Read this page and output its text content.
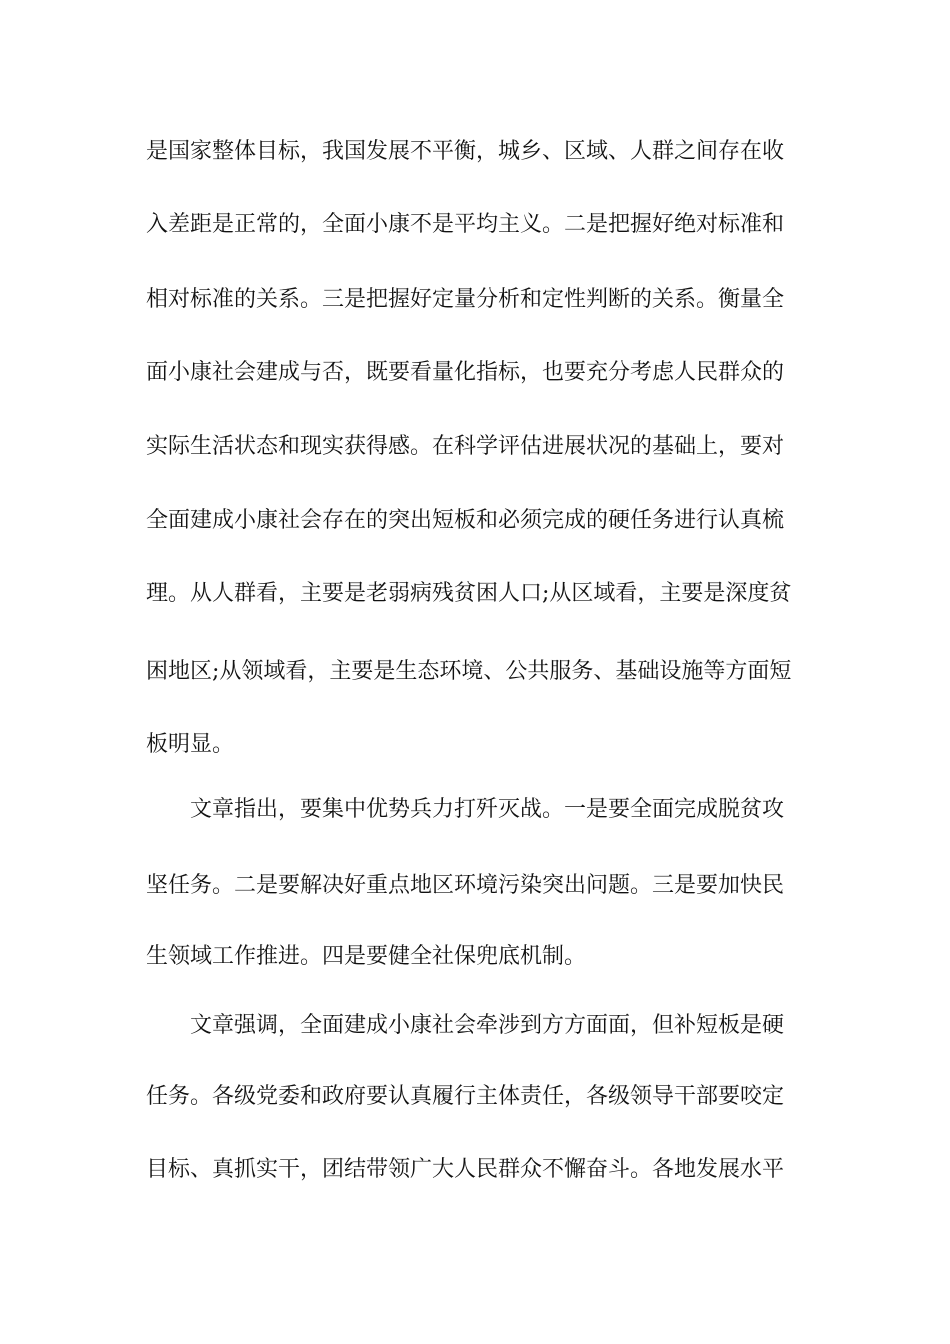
是国家整体目标，我国发展不平衡，城乡、区域、人群之间存在收
入差距是正常的，全面小康不是平均主义。二是把握好绝对标准和
相对标准的关系。三是把握好定量分析和定性判断的关系。衡量全
面小康社会建成与否，既要看量化指标，也要充分考虑人民群众的
实际生活状态和现实获得感。在科学评估进展状况的基础上，要对
全面建成小康社会存在的突出短板和必须完成的硬任务进行认真梳
理。从人群看，主要是老弱病残贫困人口;从区域看，主要是深度贫
困地区;从领域看，主要是生态环境、公共服务、基础设施等方面短
板明显。
文章指出，要集中优势兵力打歼灭战。一是要全面完成脱贫攻
坚任务。二是要解决好重点地区环境污染突出问题。三是要加快民
生领域工作推进。四是要健全社保兜底机制。
文章强调，全面建成小康社会牵涉到方方面面，但补短板是硬
任务。各级党委和政府要认真履行主体责任，各级领导干部要咬定
目标、真抓实干，团结带领广大人民群众不懈奋斗。各地发展水平
